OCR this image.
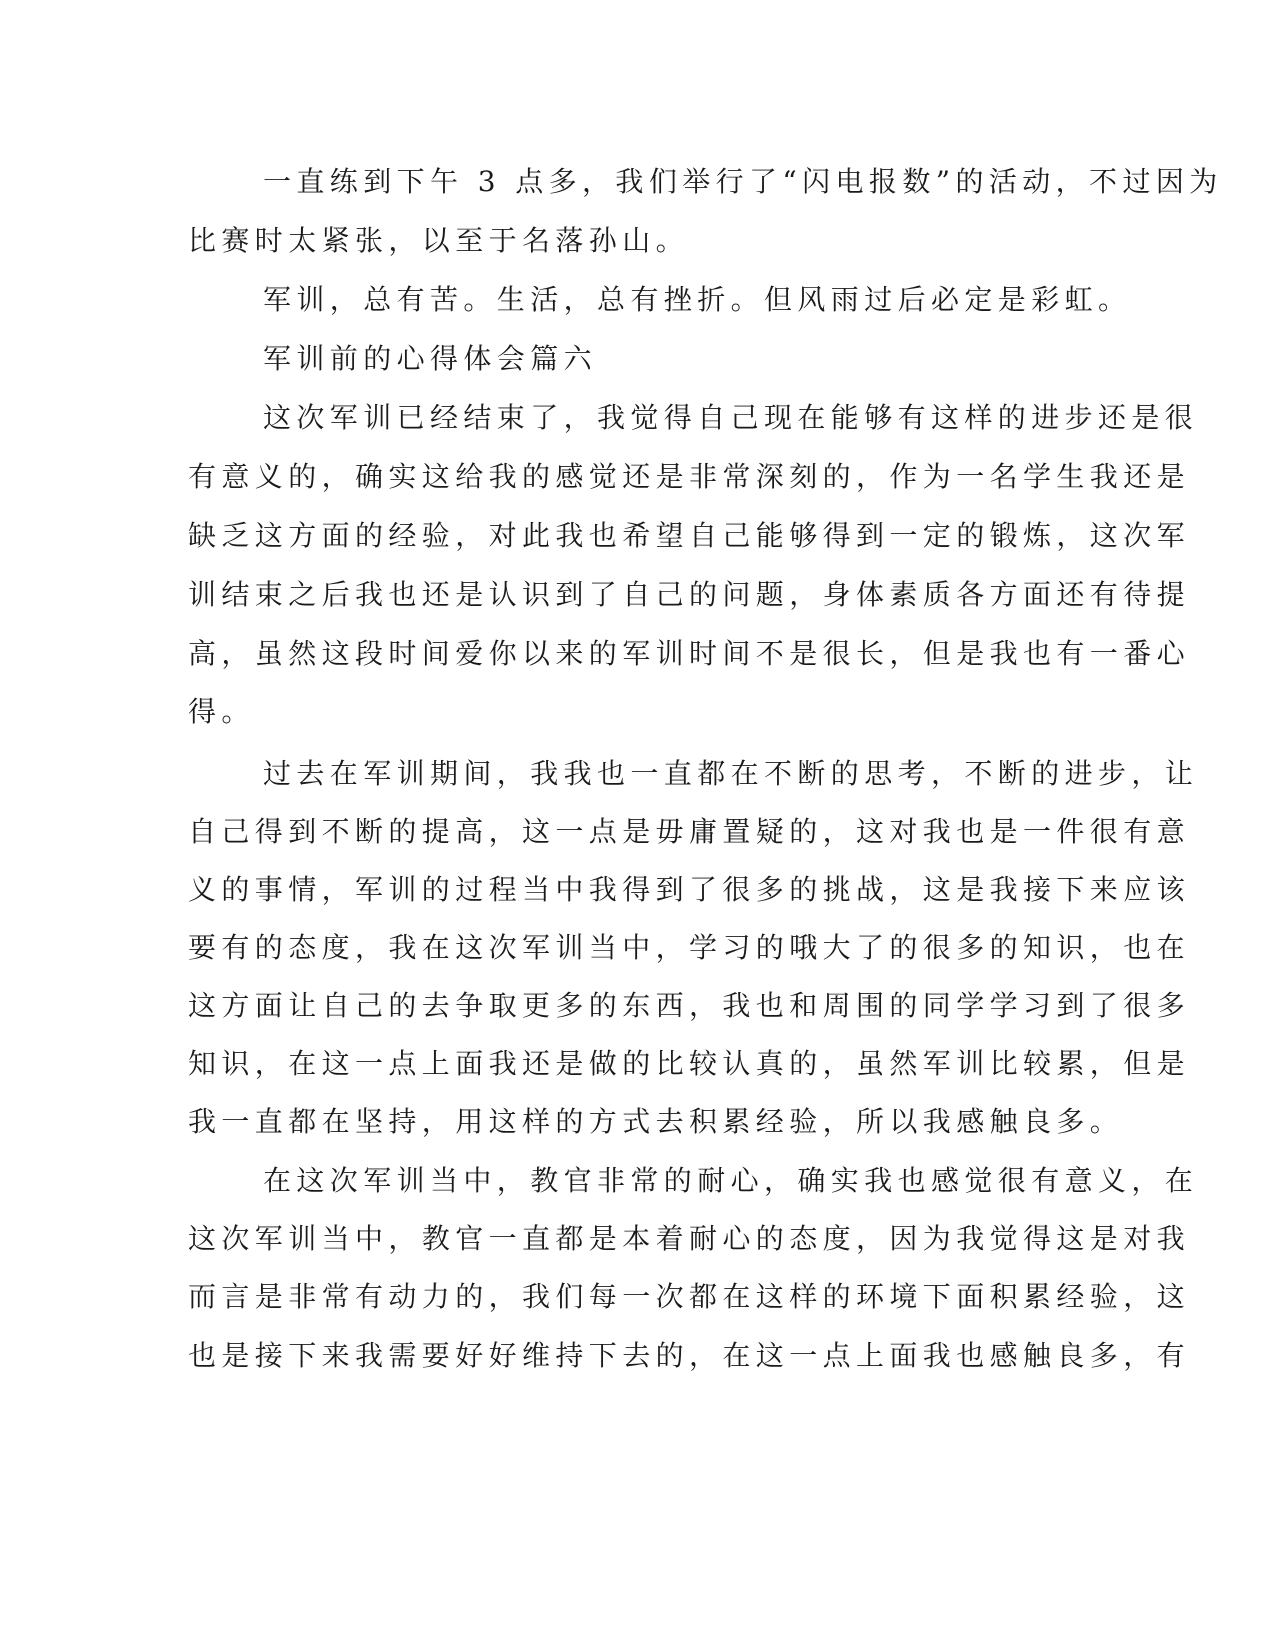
一直练到下午 3 点多，我们举行了“闪电报数”的活动，不过因为
比赛时太紧张，以至于名落孙山。
军训，总有苦。生活，总有挫折。但风雨过后必定是彩虹。
军训前的心得体会篇六
这次军训已经结束了，我觉得自己现在能够有这样的进步还是很
有意义的，确实这给我的感觉还是非常深刻的，作为一名学生我还是
缺乏这方面的经验，对此我也希望自己能够得到一定的锻炼，这次军
训结束之后我也还是认识到了自己的问题，身体素质各方面还有待提
高，虽然这段时间爱你以来的军训时间不是很长，但是我也有一番心
得。
过去在军训期间，我我也一直都在不断的思考，不断的进步，让
自己得到不断的提高，这一点是毋庸置疑的，这对我也是一件很有意
义的事情，军训的过程当中我得到了很多的挑战，这是我接下来应该
要有的态度，我在这次军训当中，学习的哦大了的很多的知识，也在
这方面让自己的去争取更多的东西，我也和周围的同学学习到了很多
知识，在这一点上面我还是做的比较认真的，虽然军训比较累，但是
我一直都在坚持，用这样的方式去积累经验，所以我感触良多。
在这次军训当中，教官非常的耐心，确实我也感觉很有意义，在
这次军训当中，教官一直都是本着耐心的态度，因为我觉得这是对我
而言是非常有动力的，我们每一次都在这样的环境下面积累经验，这
也是接下来我需要好好维持下去的，在这一点上面我也感触良多，有
